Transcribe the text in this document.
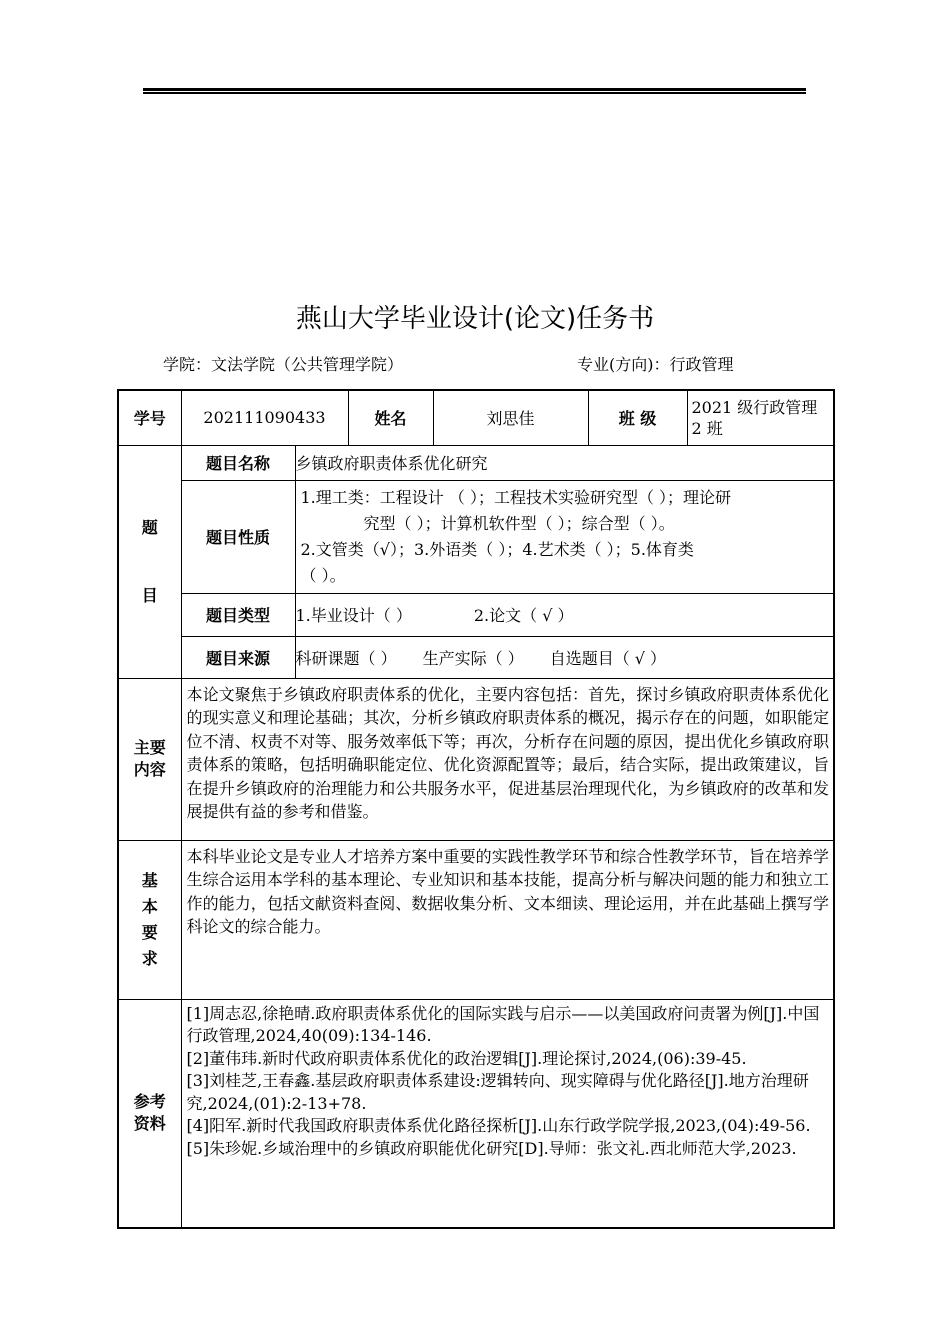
燕山大学毕业设计(论文)任务书
学院：文法学院（公共管理学院）	专业(方向)：行政管理
学号	202111090433		姓名	刘思佳	班 级	2021 级行政管理 2 班

题
目	题目名称	乡镇政府职责体系优化研究				
	题目性质	1.理工类：工程设计 （ ）；工程技术实验研究型（ ）；理论研
究型（ ）；计算机软件型（ ）；综合型（ ）。
2.文管类（√）；3.外语类（ ）；4.艺术类（ ）；5.体育类
（ ）。				

	题目类型	1.毕业设计（ ） 2.论文（ √ ）				
	题目来源	科研课题（ ） 生产实际（ ） 自选题目（ √ ）				

主要
内容	本论文聚焦于乡镇政府职责体系的优化，主要内容包括：首先，探讨乡镇政府职责体系优化的现实意义和理论基础；其次，分析乡镇政府职责体系的概况，揭示存在的问题，如职能定位不清、权责不对等、服务效率低下等；再次，分析存在问题的原因，提出优化乡镇政府职责体系的策略，包括明确职能定位、优化资源配置等；最后，结合实际，提出政策建议，旨在提升乡镇政府的治理能力和公共服务水平，促进基层治理现代化，为乡镇政府的改革和发展提供有益的参考和借鉴。					

基
本
要
求	本科毕业论文是专业人才培养方案中重要的实践性教学环节和综合性教学环节，旨在培养学生综合运用本学科的基本理论、专业知识和基本技能，提高分析与解决问题的能力和独立工作的能力，包括文献资料查阅、数据收集分析、文本细读、理论运用，并在此基础上撰写学科论文的综合能力。					

参考
资料

[1]周志忍,徐艳晴.政府职责体系优化的国际实践与启示——以美国政府问责署为例[J].中国行政管理,2024,40(09):134-146.
[2]董伟玮.新时代政府职责体系优化的政治逻辑[J].理论探讨,2024,(06):39-45.
[3]刘桂芝,王春鑫.基层政府职责体系建设:逻辑转向、现实障碍与优化路径[J].地方治理研究,2024,(01):2-13+78.
[4]阳军.新时代我国政府职责体系优化路径探析[J].山东行政学院学报,2023,(04):49-56.
[5]朱珍妮.乡域治理中的乡镇政府职能优化研究[D].导师：张文礼.西北师范大学,2023.
